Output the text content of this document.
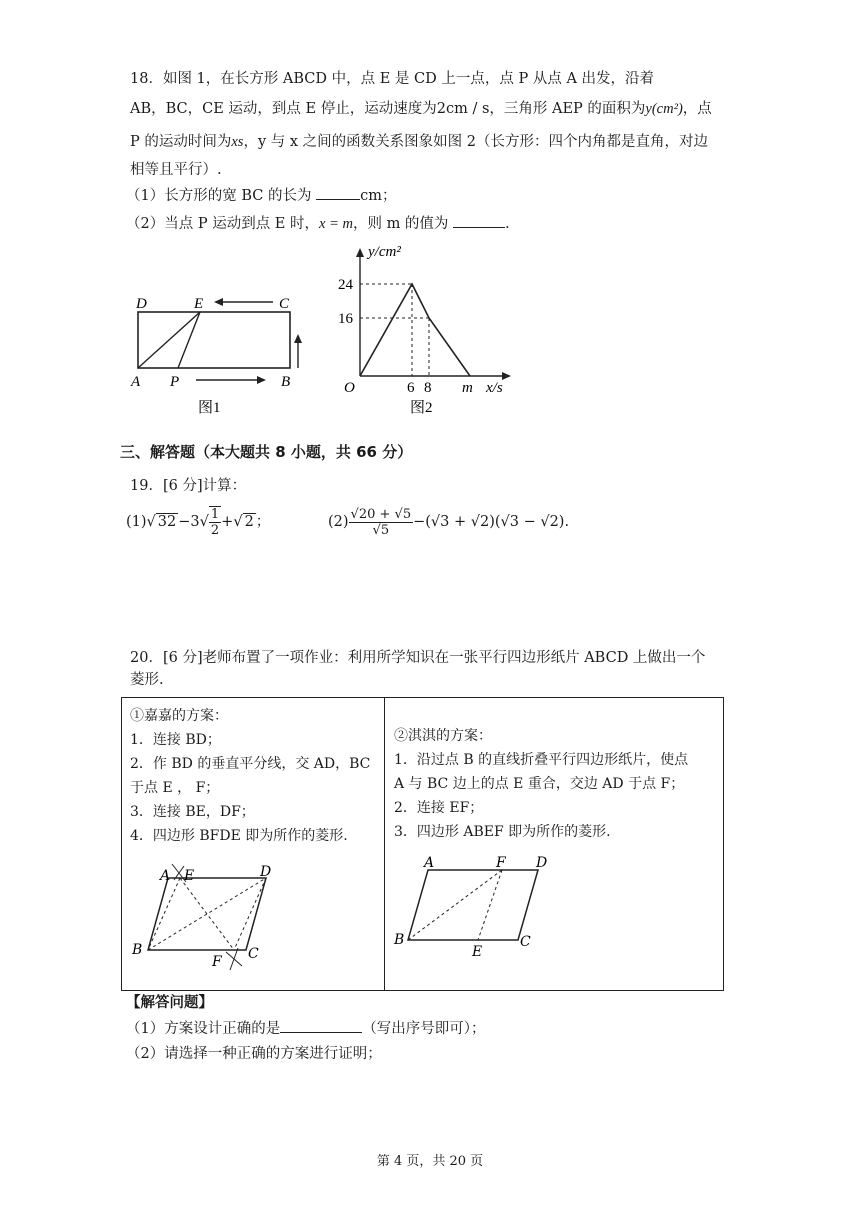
18．如图 1，在长方形 ABCD 中，点 E 是 CD 上一点，点 P 从点 A 出发，沿着
AB，BC，CE 运动，到点 E 停止，运动速度为2cm / s，三角形 AEP 的面积为y(cm²)，点
P 的运动时间为xs，y 与 x 之间的函数关系图象如图 2（长方形：四个内角都是直角，对边
相等且平行）.
（1）长方形的宽 BC 的长为	cm；
（2）当点 P 运动到点 E 时，x = m，则 m 的值为	.
D	E	C
A P	B
图1
y/cm²
24
16
O	6 8 m x/s
图2
三、解答题（本大题共 8 小题，共 66 分）
19．[6 分]计算：
(1)√ $32 -3√ \frac{1}{2}$ +√ 2 ；	$(2) \frac{√20 + √5}{√5} -(√3 + √2)(√3 - √2)$.
20．[6 分]老师布置了一项作业：利用所学知识在一张平行四边形纸片 ABCD 上做出一个
菱形.
①嘉嘉的方案：
1．连接 BD；
2．作 BD 的垂直平分线，交 AD，BC
于点 E ， F；
3．连接 BE，DF；
4．四边形 BFDE 即为所作的菱形.
A E	D
B
F C
②淇淇的方案：
1．沿过点 B 的直线折叠平行四边形纸片，使点
A 与 BC 边上的点 E 重合，交边 AD 于点 F；
2．连接 EF；
3．四边形 ABEF 即为所作的菱形.
A	F D
B
E
C
【解答问题】
（1）方案设计正确的是	（写出序号即可）；
（2）请选择一种正确的方案进行证明；
第 4 页，共 20 页
